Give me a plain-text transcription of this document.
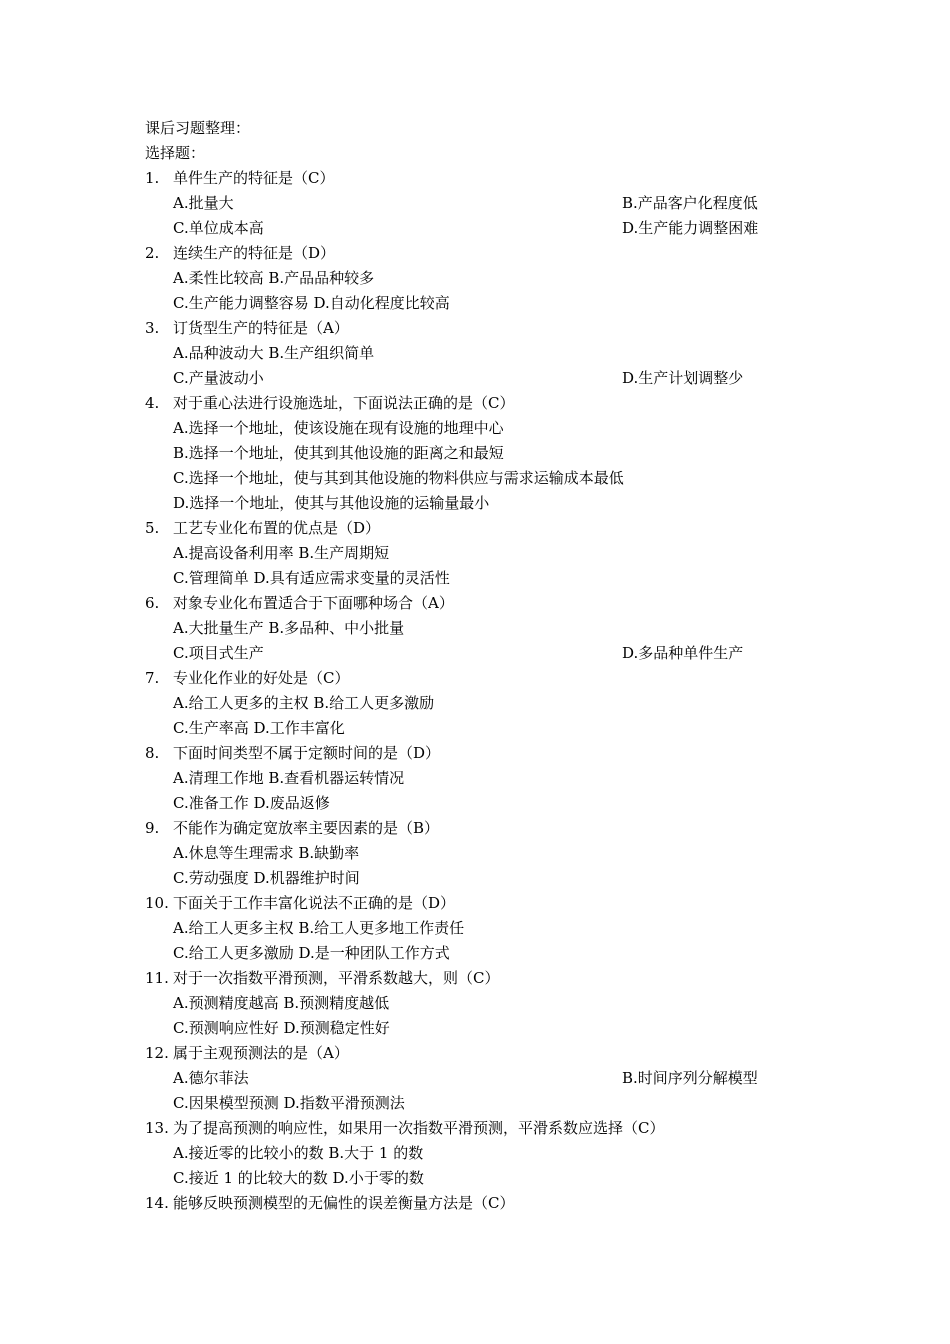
课后习题整理：
选择题：
1. 单件生产的特征是（C）
A.批量大	B.产品客户化程度低
C.单位成本高	D.生产能力调整困难
2. 连续生产的特征是（D）
A.柔性比较高 B.产品品种较多
C.生产能力调整容易 D.自动化程度比较高
3. 订货型生产的特征是（A）
A.品种波动大 B.生产组织简单
C.产量波动小	D.生产计划调整少
4. 对于重心法进行设施选址，下面说法正确的是（C）
A.选择一个地址，使该设施在现有设施的地理中心
B.选择一个地址，使其到其他设施的距离之和最短
C.选择一个地址，使与其到其他设施的物料供应与需求运输成本最低
D.选择一个地址，使其与其他设施的运输量最小
5. 工艺专业化布置的优点是（D）
A.提高设备利用率 B.生产周期短
C.管理简单 D.具有适应需求变量的灵活性
6. 对象专业化布置适合于下面哪种场合（A）
A.大批量生产 B.多品种、中小批量
C.项目式生产	D.多品种单件生产
7. 专业化作业的好处是（C）
A.给工人更多的主权 B.给工人更多激励
C.生产率高 D.工作丰富化
8. 下面时间类型不属于定额时间的是（D）
A.清理工作地 B.查看机器运转情况
C.准备工作 D.废品返修
9. 不能作为确定宽放率主要因素的是（B）
A.休息等生理需求 B.缺勤率
C.劳动强度 D.机器维护时间
10. 下面关于工作丰富化说法不正确的是（D）
A.给工人更多主权 B.给工人更多地工作责任
C.给工人更多激励 D.是一种团队工作方式
11. 对于一次指数平滑预测，平滑系数越大，则（C）
A.预测精度越高 B.预测精度越低
C.预测响应性好 D.预测稳定性好
12. 属于主观预测法的是（A）
A.德尔菲法	B.时间序列分解模型
C.因果模型预测 D.指数平滑预测法
13. 为了提高预测的响应性，如果用一次指数平滑预测，平滑系数应选择（C）
A.接近零的比较小的数 B.大于 1 的数
C.接近 1 的比较大的数 D.小于零的数
14. 能够反映预测模型的无偏性的误差衡量方法是（C）
